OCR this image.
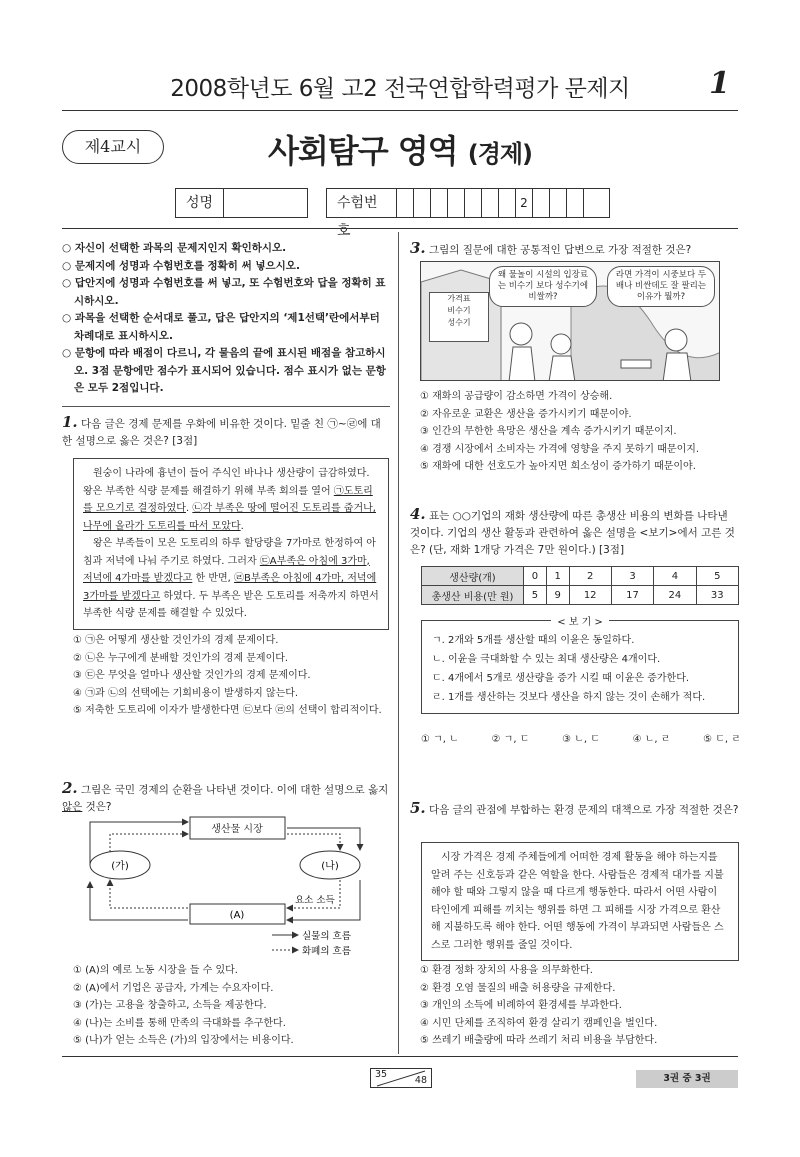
2008학년도 6월 고2 전국연합학력평가 문제지	1
제4교시	사회탐구 영역 (경제)
성명	수험번호
2
○ 자신이 선택한 과목의 문제지인지 확인하시오.
○ 문제지에 성명과 수험번호를 정확히 써 넣으시오.
○ 답안지에 성명과 수험번호를 써 넣고, 또 수험번호와 답을 정확히 표시하시오.
○ 과목을 선택한 순서대로 풀고, 답은 답안지의 ‘제1선택’란에서부터 차례대로 표시하시오.
○ 문항에 따라 배점이 다르니, 각 물음의 끝에 표시된 배점을 참고하시오. 3점 문항에만 점수가 표시되어 있습니다. 점수 표시가 없는 문항은 모두 2점입니다.
1. 다음 글은 경제 문제를 우화에 비유한 것이다. 밑줄 친 ㉠~㉣에 대한 설명으로 옳은 것은? [3점]
원숭이 나라에 흉년이 들어 주식인 바나나 생산량이 급감하였다. 왕은 부족한 식량 문제를 해결하기 위해 부족 회의를 열어 ㉠도토리를 모으기로 결정하였다. ㉡각 부족은 땅에 떨어진 도토리를 줍거나, 나무에 올라가 도토리를 따서 모았다.
왕은 부족들이 모은 도토리의 하루 할당량을 7가마로 한정하여 아침과 저녁에 나눠 주기로 하였다. 그러자 ㉢A부족은 아침에 3가마, 저녁에 4가마를 받겠다고 한 반면, ㉣B부족은 아침에 4가마, 저녁에 3가마를 받겠다고 하였다. 두 부족은 받은 도토리를 저축까지 하면서 부족한 식량 문제를 해결할 수 있었다.
① ㉠은 어떻게 생산할 것인가의 경제 문제이다.
② ㉡은 누구에게 분배할 것인가의 경제 문제이다.
③ ㉢은 무엇을 얼마나 생산할 것인가의 경제 문제이다.
④ ㉠과 ㉡의 선택에는 기회비용이 발생하지 않는다.
⑤ 저축한 도토리에 이자가 발생한다면 ㉢보다 ㉣의 선택이 합리적이다.
2. 그림은 국민 경제의 순환을 나타낸 것이다. 이에 대한 설명으로 옳지 않은 것은?
생산물 시장
(가)	(나)
(A)
요소 소득
실물의 흐름
화폐의 흐름
① (A)의 예로 노동 시장을 들 수 있다.
② (A)에서 기업은 공급자, 가계는 수요자이다.
③ (가)는 고용을 창출하고, 소득을 제공한다.
④ (나)는 소비를 통해 만족의 극대화를 추구한다.
⑤ (나)가 얻는 소득은 (가)의 입장에서는 비용이다.
3. 그림의 질문에 대한 공통적인 답변으로 가장 적절한 것은?
가격표
비수기
성수기
왜 물놀이 시설의 입장료는 비수기 보다 성수기에 비쌀까?
라면 가격이 시중보다 두 배나 비싼데도 잘 팔리는 이유가 뭘까?
① 재화의 공급량이 감소하면 가격이 상승해.
② 자유로운 교환은 생산을 증가시키기 때문이야.
③ 인간의 무한한 욕망은 생산을 계속 증가시키기 때문이지.
④ 경쟁 시장에서 소비자는 가격에 영향을 주지 못하기 때문이지.
⑤ 재화에 대한 선호도가 높아지면 희소성이 증가하기 때문이야.
4. 표는 ○○기업의 재화 생산량에 따른 총생산 비용의 변화를 나타낸 것이다. 기업의 생산 활동과 관련하여 옳은 설명을 <보기>에서 고른 것은? (단, 재화 1개당 가격은 7만 원이다.) [3점]
생산량(개)	0	1	2	3	4	5
총생산 비용(만 원)	5	9	12	17	24	33
< 보 기 >
ㄱ. 2개와 5개를 생산할 때의 이윤은 동일하다.
ㄴ. 이윤을 극대화할 수 있는 최대 생산량은 4개이다.
ㄷ. 4개에서 5개로 생산량을 증가 시킬 때 이윤은 증가한다.
ㄹ. 1개를 생산하는 것보다 생산을 하지 않는 것이 손해가 적다.
① ㄱ, ㄴ	② ㄱ, ㄷ	③ ㄴ, ㄷ	④ ㄴ, ㄹ	⑤ ㄷ, ㄹ
5. 다음 글의 관점에 부합하는 환경 문제의 대책으로 가장 적절한 것은?
시장 가격은 경제 주체들에게 어떠한 경제 활동을 해야 하는지를 알려 주는 신호등과 같은 역할을 한다. 사람들은 경제적 대가를 지불해야 할 때와 그렇지 않을 때 다르게 행동한다. 따라서 어떤 사람이 타인에게 피해를 끼치는 행위를 하면 그 피해를 시장 가격으로 환산해 지불하도록 해야 한다. 어떤 행동에 가격이 부과되면 사람들은 스스로 그러한 행위를 줄일 것이다.
① 환경 정화 장치의 사용을 의무화한다.
② 환경 오염 물질의 배출 허용량을 규제한다.
③ 개인의 소득에 비례하여 환경세를 부과한다.
④ 시민 단체를 조직하여 환경 살리기 캠페인을 벌인다.
⑤ 쓰레기 배출량에 따라 쓰레기 처리 비용을 부담한다.
35
48	3권 중 3권
